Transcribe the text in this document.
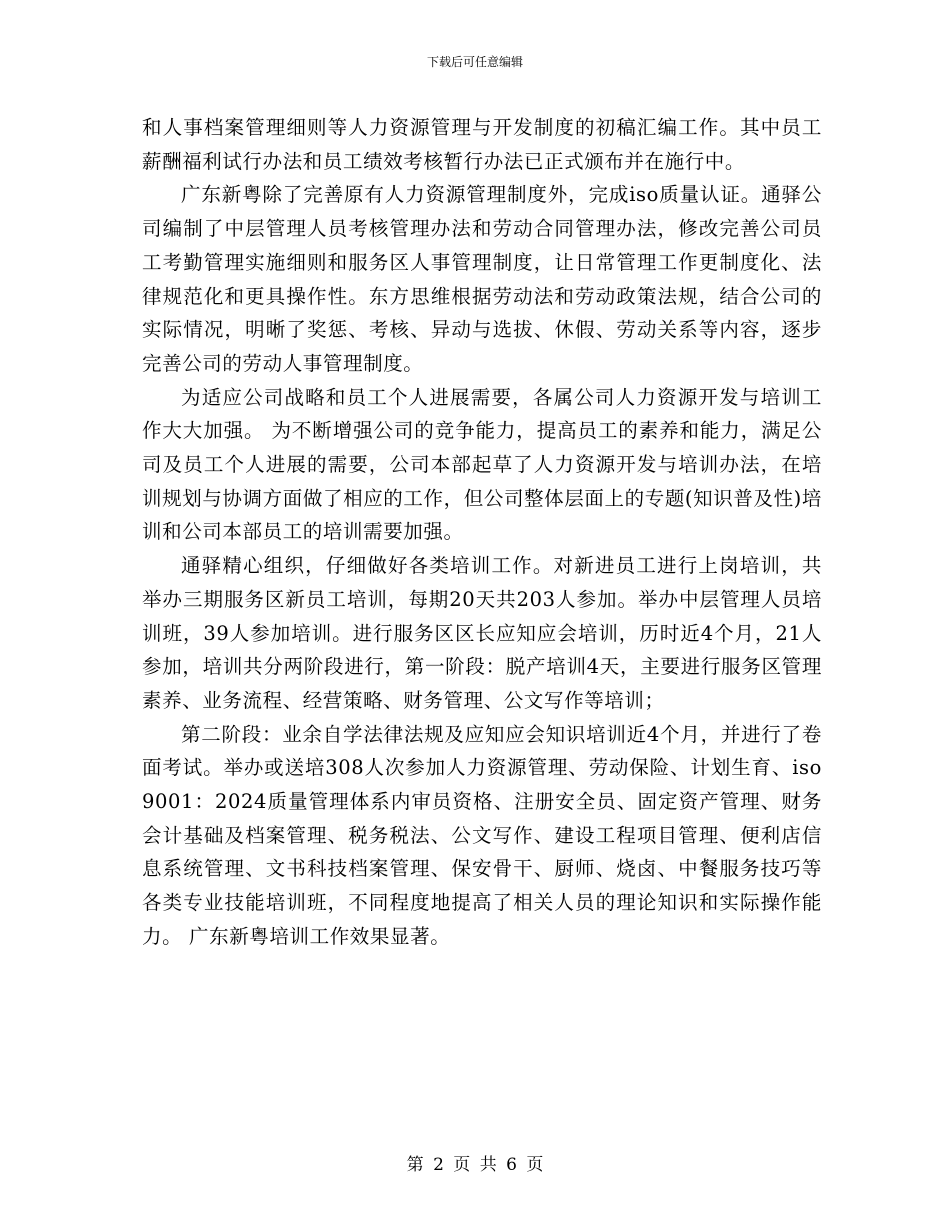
下载后可任意编辑

和人事档案管理细则等人力资源管理与开发制度的初稿汇编工作。其中员工薪酬福利试行办法和员工绩效考核暂行办法已正式颁布并在施行中。

广东新粤除了完善原有人力资源管理制度外，完成iso质量认证。通驿公司编制了中层管理人员考核管理办法和劳动合同管理办法，修改完善公司员工考勤管理实施细则和服务区人事管理制度，让日常管理工作更制度化、法律规范化和更具操作性。东方思维根据劳动法和劳动政策法规，结合公司的实际情况，明晰了奖惩、考核、异动与选拔、休假、劳动关系等内容，逐步完善公司的劳动人事管理制度。

为适应公司战略和员工个人进展需要，各属公司人力资源开发与培训工作大大加强。 为不断增强公司的竞争能力，提高员工的素养和能力，满足公司及员工个人进展的需要，公司本部起草了人力资源开发与培训办法，在培训规划与协调方面做了相应的工作，但公司整体层面上的专题(知识普及性)培训和公司本部员工的培训需要加强。

通驿精心组织，仔细做好各类培训工作。对新进员工进行上岗培训，共举办三期服务区新员工培训，每期20天共203人参加。举办中层管理人员培训班，39人参加培训。进行服务区区长应知应会培训，历时近4个月，21人参加，培训共分两阶段进行，第一阶段：脱产培训4天，主要进行服务区管理素养、业务流程、经营策略、财务管理、公文写作等培训；

第二阶段：业余自学法律法规及应知应会知识培训近4个月，并进行了卷面考试。举办或送培308人次参加人力资源管理、劳动保险、计划生育、iso9001：2024质量管理体系内审员资格、注册安全员、固定资产管理、财务会计基础及档案管理、税务税法、公文写作、建设工程项目管理、便利店信息系统管理、文书科技档案管理、保安骨干、厨师、烧卤、中餐服务技巧等各类专业技能培训班，不同程度地提高了相关人员的理论知识和实际操作能力。 广东新粤培训工作效果显著。

第 2 页 共 6 页
